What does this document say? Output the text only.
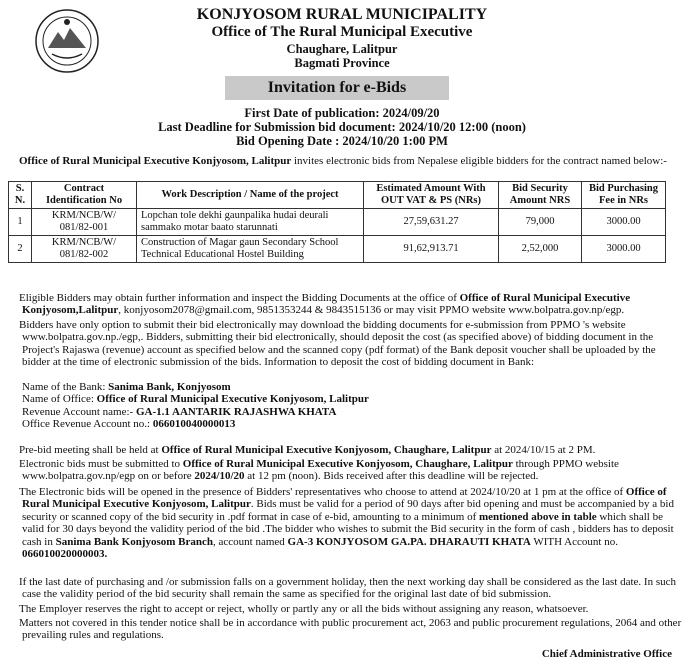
KONJYOSOM RURAL MUNICIPALITY
Office of The Rural Municipal Executive
Chaughare, Lalitpur
Bagmati Province
Invitation for e-Bids
First Date of publication: 2024/09/20
Last Deadline for Submission bid document: 2024/10/20 12:00 (noon)
Bid Opening Date : 2024/10/20 1:00 PM
Office of Rural Municipal Executive Konjyosom, Lalitpur invites electronic bids from Nepalese eligible bidders for the contract named below:-
S. N.	Contract Identification No	Work Description / Name of the project	Estimated Amount With OUT VAT & PS (NRs)	Bid Security Amount NRS	Bid Purchasing Fee in NRs
1	KRM/NCB/W/ 081/82-001	Lopchan tole dekhi gaunpalika hudai deurali sammako motar baato starunnati	27,59,631.27	79,000	3000.00
2	KRM/NCB/W/ 081/82-002	Construction of Magar gaun Secondary School Technical Educational Hostel Building	91,62,913.71	2,52,000	3000.00
Eligible Bidders may obtain further information and inspect the Bidding Documents at the office of Office of Rural Municipal Executive Konjyosom,Lalitpur, konjyosom2078@gmail.com, 9851353244 & 9843515136 or may visit PPMO website www.bolpatra.gov.np/egp.
Bidders have only option to submit their bid electronically may download the bidding documents for e-submission from PPMO 's website www.bolpatra.gov.np./egp,. Bidders, submitting their bid electronically, should deposit the cost (as specified above) of bidding document in the Project's Rajaswa (revenue) account as specified below and the scanned copy (pdf format) of the Bank deposit voucher shall be uploaded by the bidder at the time of electronic submission of the bids. Information to deposit the cost of bidding document in Bank:
Name of the Bank: Sanima Bank, Konjyosom
Name of Office: Office of Rural Municipal Executive Konjyosom, Lalitpur
Revenue Account name:- GA-1.1 AANTARIK RAJASHWA KHATA
Office Revenue Account no.: 066010040000013
Pre-bid meeting shall be held at Office of Rural Municipal Executive Konjyosom, Chaughare, Lalitpur at 2024/10/15 at 2 PM.
Electronic bids must be submitted to Office of Rural Municipal Executive Konjyosom, Chaughare, Lalitpur through PPMO website www.bolpatra.gov.np/egp on or before 2024/10/20 at 12 pm (noon). Bids received after this deadline will be rejected.
The Electronic bids will be opened in the presence of Bidders' representatives who choose to attend at 2024/10/20 at 1 pm at the office of Office of Rural Municipal Executive Konjyosom, Lalitpur. Bids must be valid for a period of 90 days after bid opening and must be accompanied by a bid security or scanned copy of the bid security in .pdf format in case of e-bid, amounting to a minimum of mentioned above in table which shall be valid for 30 days beyond the validity period of the bid .The bidder who wishes to submit the Bid security in the form of cash , bidders has to deposit cash in Sanima Bank Konjyosom Branch, account named GA-3 KONJYOSOM GA.PA. DHARAUTI KHATA WITH Account no. 066010020000003.
If the last date of purchasing and /or submission falls on a government holiday, then the next working day shall be considered as the last date. In such case the validity period of the bid security shall remain the same as specified for the original last date of bid submission.
The Employer reserves the right to accept or reject, wholly or partly any or all the bids without assigning any reason, whatsoever.
Matters not covered in this tender notice shall be in accordance with public procurement act, 2063 and public procurement regulations, 2064 and other prevailing rules and regulations.
Chief Administrative Office
